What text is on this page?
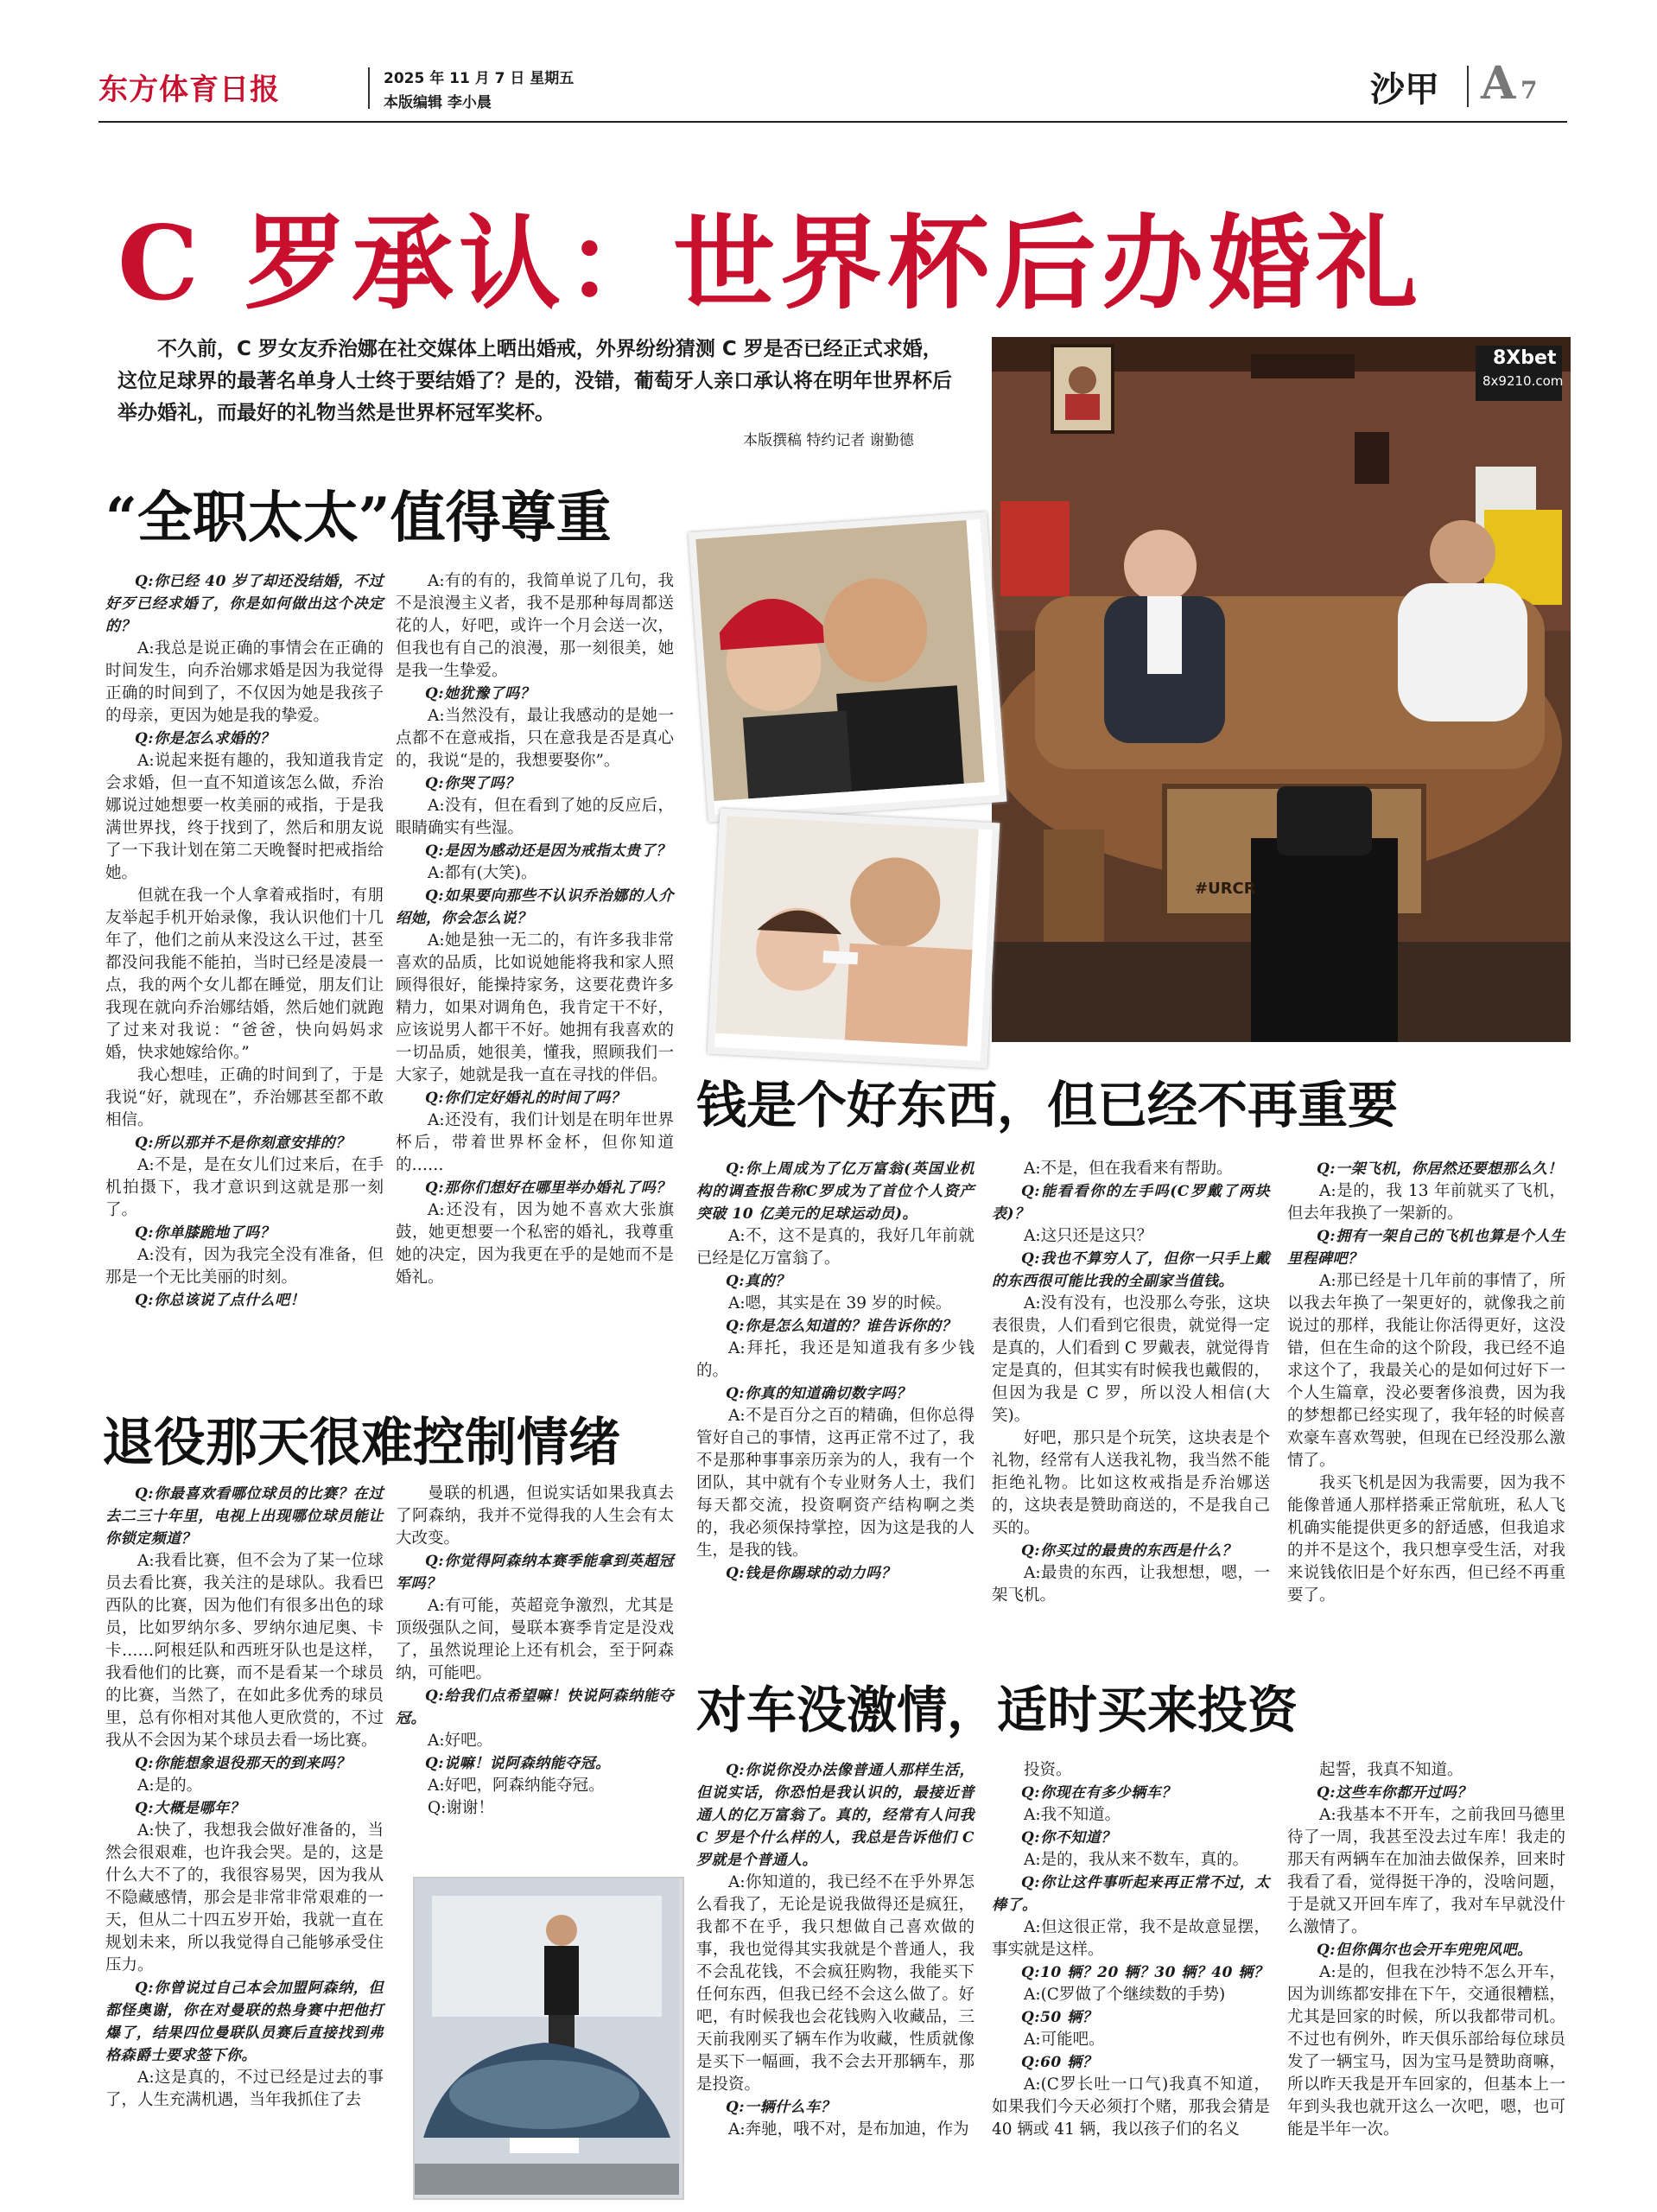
东方体育日报	2025 年 11 月 7 日 星期五
本版编辑 李小晨	沙甲 A 7
C 罗承认：世界杯后办婚礼
不久前，C 罗女友乔治娜在社交媒体上晒出婚戒，外界纷纷猜测 C 罗是否已经正式求婚，这位足球界的最著名单身人士终于要结婚了？是的，没错，葡萄牙人亲口承认将在明年世界杯后举办婚礼，而最好的礼物当然是世界杯冠军奖杯。
本版撰稿 特约记者 谢勤德
8Xbet
8x9210.com
#URCR
“全职太太”值得尊重

Q:你已经 40 岁了却还没结婚，不过好歹已经求婚了，你是如何做出这个决定的？

A:我总是说正确的事情会在正确的时间发生，向乔治娜求婚是因为我觉得正确的时间到了，不仅因为她是我孩子的母亲，更因为她是我的挚爱。

Q:你是怎么求婚的？

A:说起来挺有趣的，我知道我肯定会求婚，但一直不知道该怎么做，乔治娜说过她想要一枚美丽的戒指，于是我满世界找，终于找到了，然后和朋友说了一下我计划在第二天晚餐时把戒指给她。

但就在我一个人拿着戒指时，有朋友举起手机开始录像，我认识他们十几年了，他们之前从来没这么干过，甚至都没问我能不能拍，当时已经是凌晨一点，我的两个女儿都在睡觉，朋友们让我现在就向乔治娜结婚，然后她们就跑了过来对我说：“爸爸，快向妈妈求婚，快求她嫁给你。”

我心想哇，正确的时间到了，于是我说“好，就现在”，乔治娜甚至都不敢相信。

Q:所以那并不是你刻意安排的？

A:不是，是在女儿们过来后，在手机拍摄下，我才意识到这就是那一刻了。

Q:你单膝跪地了吗？

A:没有，因为我完全没有准备，但那是一个无比美丽的时刻。

Q:你总该说了点什么吧！

A:有的有的，我简单说了几句，我不是浪漫主义者，我不是那种每周都送花的人，好吧，或许一个月会送一次，但我也有自己的浪漫，那一刻很美，她是我一生挚爱。

Q:她犹豫了吗？

A:当然没有，最让我感动的是她一点都不在意戒指，只在意我是否是真心的，我说“是的，我想要娶你”。

Q:你哭了吗？

A:没有，但在看到了她的反应后，眼睛确实有些湿。

Q:是因为感动还是因为戒指太贵了？

A:都有(大笑)。

Q:如果要向那些不认识乔治娜的人介绍她，你会怎么说？

A:她是独一无二的，有许多我非常喜欢的品质，比如说她能将我和家人照顾得很好，能操持家务，这要花费许多精力，如果对调角色，我肯定干不好，应该说男人都干不好。她拥有我喜欢的一切品质，她很美，懂我，照顾我们一大家子，她就是我一直在寻找的伴侣。

Q:你们定好婚礼的时间了吗？

A:还没有，我们计划是在明年世界杯后，带着世界杯金杯，但你知道的……

Q:那你们想好在哪里举办婚礼了吗？

A:还没有，因为她不喜欢大张旗鼓，她更想要一个私密的婚礼，我尊重她的决定，因为我更在乎的是她而不是婚礼。

退役那天很难控制情绪

Q:你最喜欢看哪位球员的比赛？在过去二三十年里，电视上出现哪位球员能让你锁定频道？

A:我看比赛，但不会为了某一位球员去看比赛，我关注的是球队。我看巴西队的比赛，因为他们有很多出色的球员，比如罗纳尔多、罗纳尔迪尼奥、卡卡……阿根廷队和西班牙队也是这样，我看他们的比赛，而不是看某一个球员的比赛，当然了，在如此多优秀的球员里，总有你相对其他人更欣赏的，不过我从不会因为某个球员去看一场比赛。

Q:你能想象退役那天的到来吗？

A:是的。

Q:大概是哪年？

A:快了，我想我会做好准备的，当然会很艰难，也许我会哭。是的，这是什么大不了的，我很容易哭，因为我从不隐藏感情，那会是非常非常艰难的一天，但从二十四五岁开始，我就一直在规划未来，所以我觉得自己能够承受住压力。

Q:你曾说过自己本会加盟阿森纳，但都怪奥谢，你在对曼联的热身赛中把他打爆了，结果四位曼联队员赛后直接找到弗格森爵士要求签下你。

A:这是真的，不过已经是过去的事了，人生充满机遇，当年我抓住了去

曼联的机遇，但说实话如果我真去了阿森纳，我并不觉得我的人生会有太大改变。

Q:你觉得阿森纳本赛季能拿到英超冠军吗？

A:有可能，英超竞争激烈，尤其是顶级强队之间，曼联本赛季肯定是没戏了，虽然说理论上还有机会，至于阿森纳，可能吧。

Q:给我们点希望嘛！快说阿森纳能夺冠。

A:好吧。

Q:说嘛！说阿森纳能夺冠。

A:好吧，阿森纳能夺冠。

Q:谢谢！

钱是个好东西，但已经不再重要

Q:你上周成为了亿万富翁(英国业机构的调查报告称C罗成为了首位个人资产突破 10 亿美元的足球运动员)。

A:不，这不是真的，我好几年前就已经是亿万富翁了。

Q:真的？

A:嗯，其实是在 39 岁的时候。

Q:你是怎么知道的？谁告诉你的？

A:拜托，我还是知道我有多少钱的。

Q:你真的知道确切数字吗？

A:不是百分之百的精确，但你总得管好自己的事情，这再正常不过了，我不是那种事事亲历亲为的人，我有一个团队，其中就有个专业财务人士，我们每天都交流，投资啊资产结构啊之类的，我必须保持掌控，因为这是我的人生，是我的钱。

Q:钱是你踢球的动力吗？

A:不是，但在我看来有帮助。

Q:能看看你的左手吗(C罗戴了两块表)？

A:这只还是这只？

Q:我也不算穷人了，但你一只手上戴的东西很可能比我的全副家当值钱。

A:没有没有，也没那么夸张，这块表很贵，人们看到它很贵，就觉得一定是真的，人们看到 C 罗戴表，就觉得肯定是真的，但其实有时候我也戴假的，但因为我是 C 罗，所以没人相信(大笑)。

好吧，那只是个玩笑，这块表是个礼物，经常有人送我礼物，我当然不能拒绝礼物。比如这枚戒指是乔治娜送的，这块表是赞助商送的，不是我自己买的。

Q:你买过的最贵的东西是什么？

A:最贵的东西，让我想想，嗯，一架飞机。

Q:一架飞机，你居然还要想那么久！

A:是的，我 13 年前就买了飞机，但去年我换了一架新的。

Q:拥有一架自己的飞机也算是个人生里程碑吧？

A:那已经是十几年前的事情了，所以我去年换了一架更好的，就像我之前说过的那样，我能让你活得更好，这没错，但在生命的这个阶段，我已经不追求这个了，我最关心的是如何过好下一个人生篇章，没必要奢侈浪费，因为我的梦想都已经实现了，我年轻的时候喜欢豪车喜欢驾驶，但现在已经没那么激情了。

我买飞机是因为我需要，因为我不能像普通人那样搭乘正常航班，私人飞机确实能提供更多的舒适感，但我追求的并不是这个，我只想享受生活，对我来说钱依旧是个好东西，但已经不再重要了。

对车没激情，适时买来投资

Q:你说你没办法像普通人那样生活，但说实话，你恐怕是我认识的，最接近普通人的亿万富翁了。真的，经常有人问我 C 罗是个什么样的人，我总是告诉他们 C 罗就是个普通人。

A:你知道的，我已经不在乎外界怎么看我了，无论是说我做得还是疯狂，我都不在乎，我只想做自己喜欢做的事，我也觉得其实我就是个普通人，我不会乱花钱，不会疯狂购物，我能买下任何东西，但我已经不会这么做了。好吧，有时候我也会花钱购入收藏品，三天前我刚买了辆车作为收藏，性质就像是买下一幅画，我不会去开那辆车，那是投资。

Q:一辆什么车？

A:奔驰，哦不对，是布加迪，作为

投资。

Q:你现在有多少辆车？

A:我不知道。

Q:你不知道？

A:是的，我从来不数车，真的。

Q:你让这件事听起来再正常不过，太棒了。

A:但这很正常，我不是故意显摆，事实就是这样。

Q:10 辆？20 辆？30 辆？40 辆？

A:(C罗做了个继续数的手势)

Q:50 辆？

A:可能吧。

Q:60 辆？

A:(C罗长吐一口气)我真不知道，如果我们今天必须打个赌，那我会猜是 40 辆或 41 辆，我以孩子们的名义

起誓，我真不知道。

Q:这些车你都开过吗？

A:我基本不开车，之前我回马德里待了一周，我甚至没去过车库！我走的那天有两辆车在加油去做保养，回来时我看了看，觉得挺干净的，没啥问题，于是就又开回车库了，我对车早就没什么激情了。

Q:但你偶尔也会开车兜兜风吧。

A:是的，但我在沙特不怎么开车，因为训练都安排在下午，交通很糟糕，尤其是回家的时候，所以我都带司机。不过也有例外，昨天俱乐部给每位球员发了一辆宝马，因为宝马是赞助商嘛，所以昨天我是开车回家的，但基本上一年到头我也就开这么一次吧，嗯，也可能是半年一次。
